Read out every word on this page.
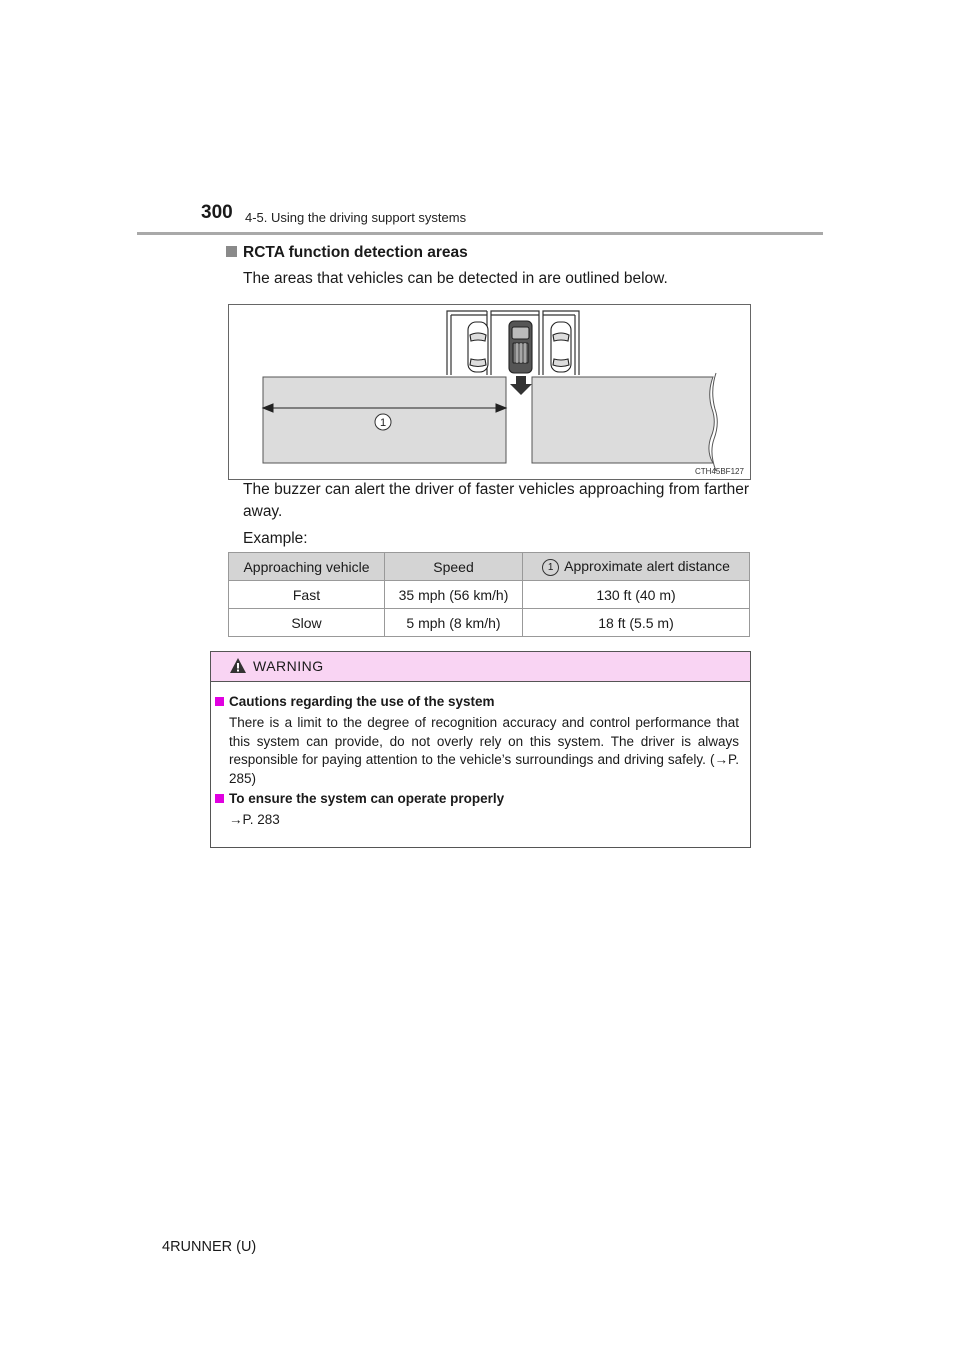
300 4-5. Using the driving support systems
RCTA function detection areas
The areas that vehicles can be detected in are outlined below.
1
CTH45BF127
The buzzer can alert the driver of faster vehicles approaching from farther away.
Example:
Approaching vehicle	Speed	1 Approximate alert distance
Fast	35 mph (56 km/h)	130 ft (40 m)
Slow	5 mph (8 km/h)	18 ft (5.5 m)
WARNING
Cautions regarding the use of the system
There is a limit to the degree of recognition accuracy and control performance that this system can provide, do not overly rely on this system. The driver is always responsible for paying attention to the vehicle’s surroundings and driving safely. (→P. 285)
To ensure the system can operate properly
→P. 283
4RUNNER (U)
